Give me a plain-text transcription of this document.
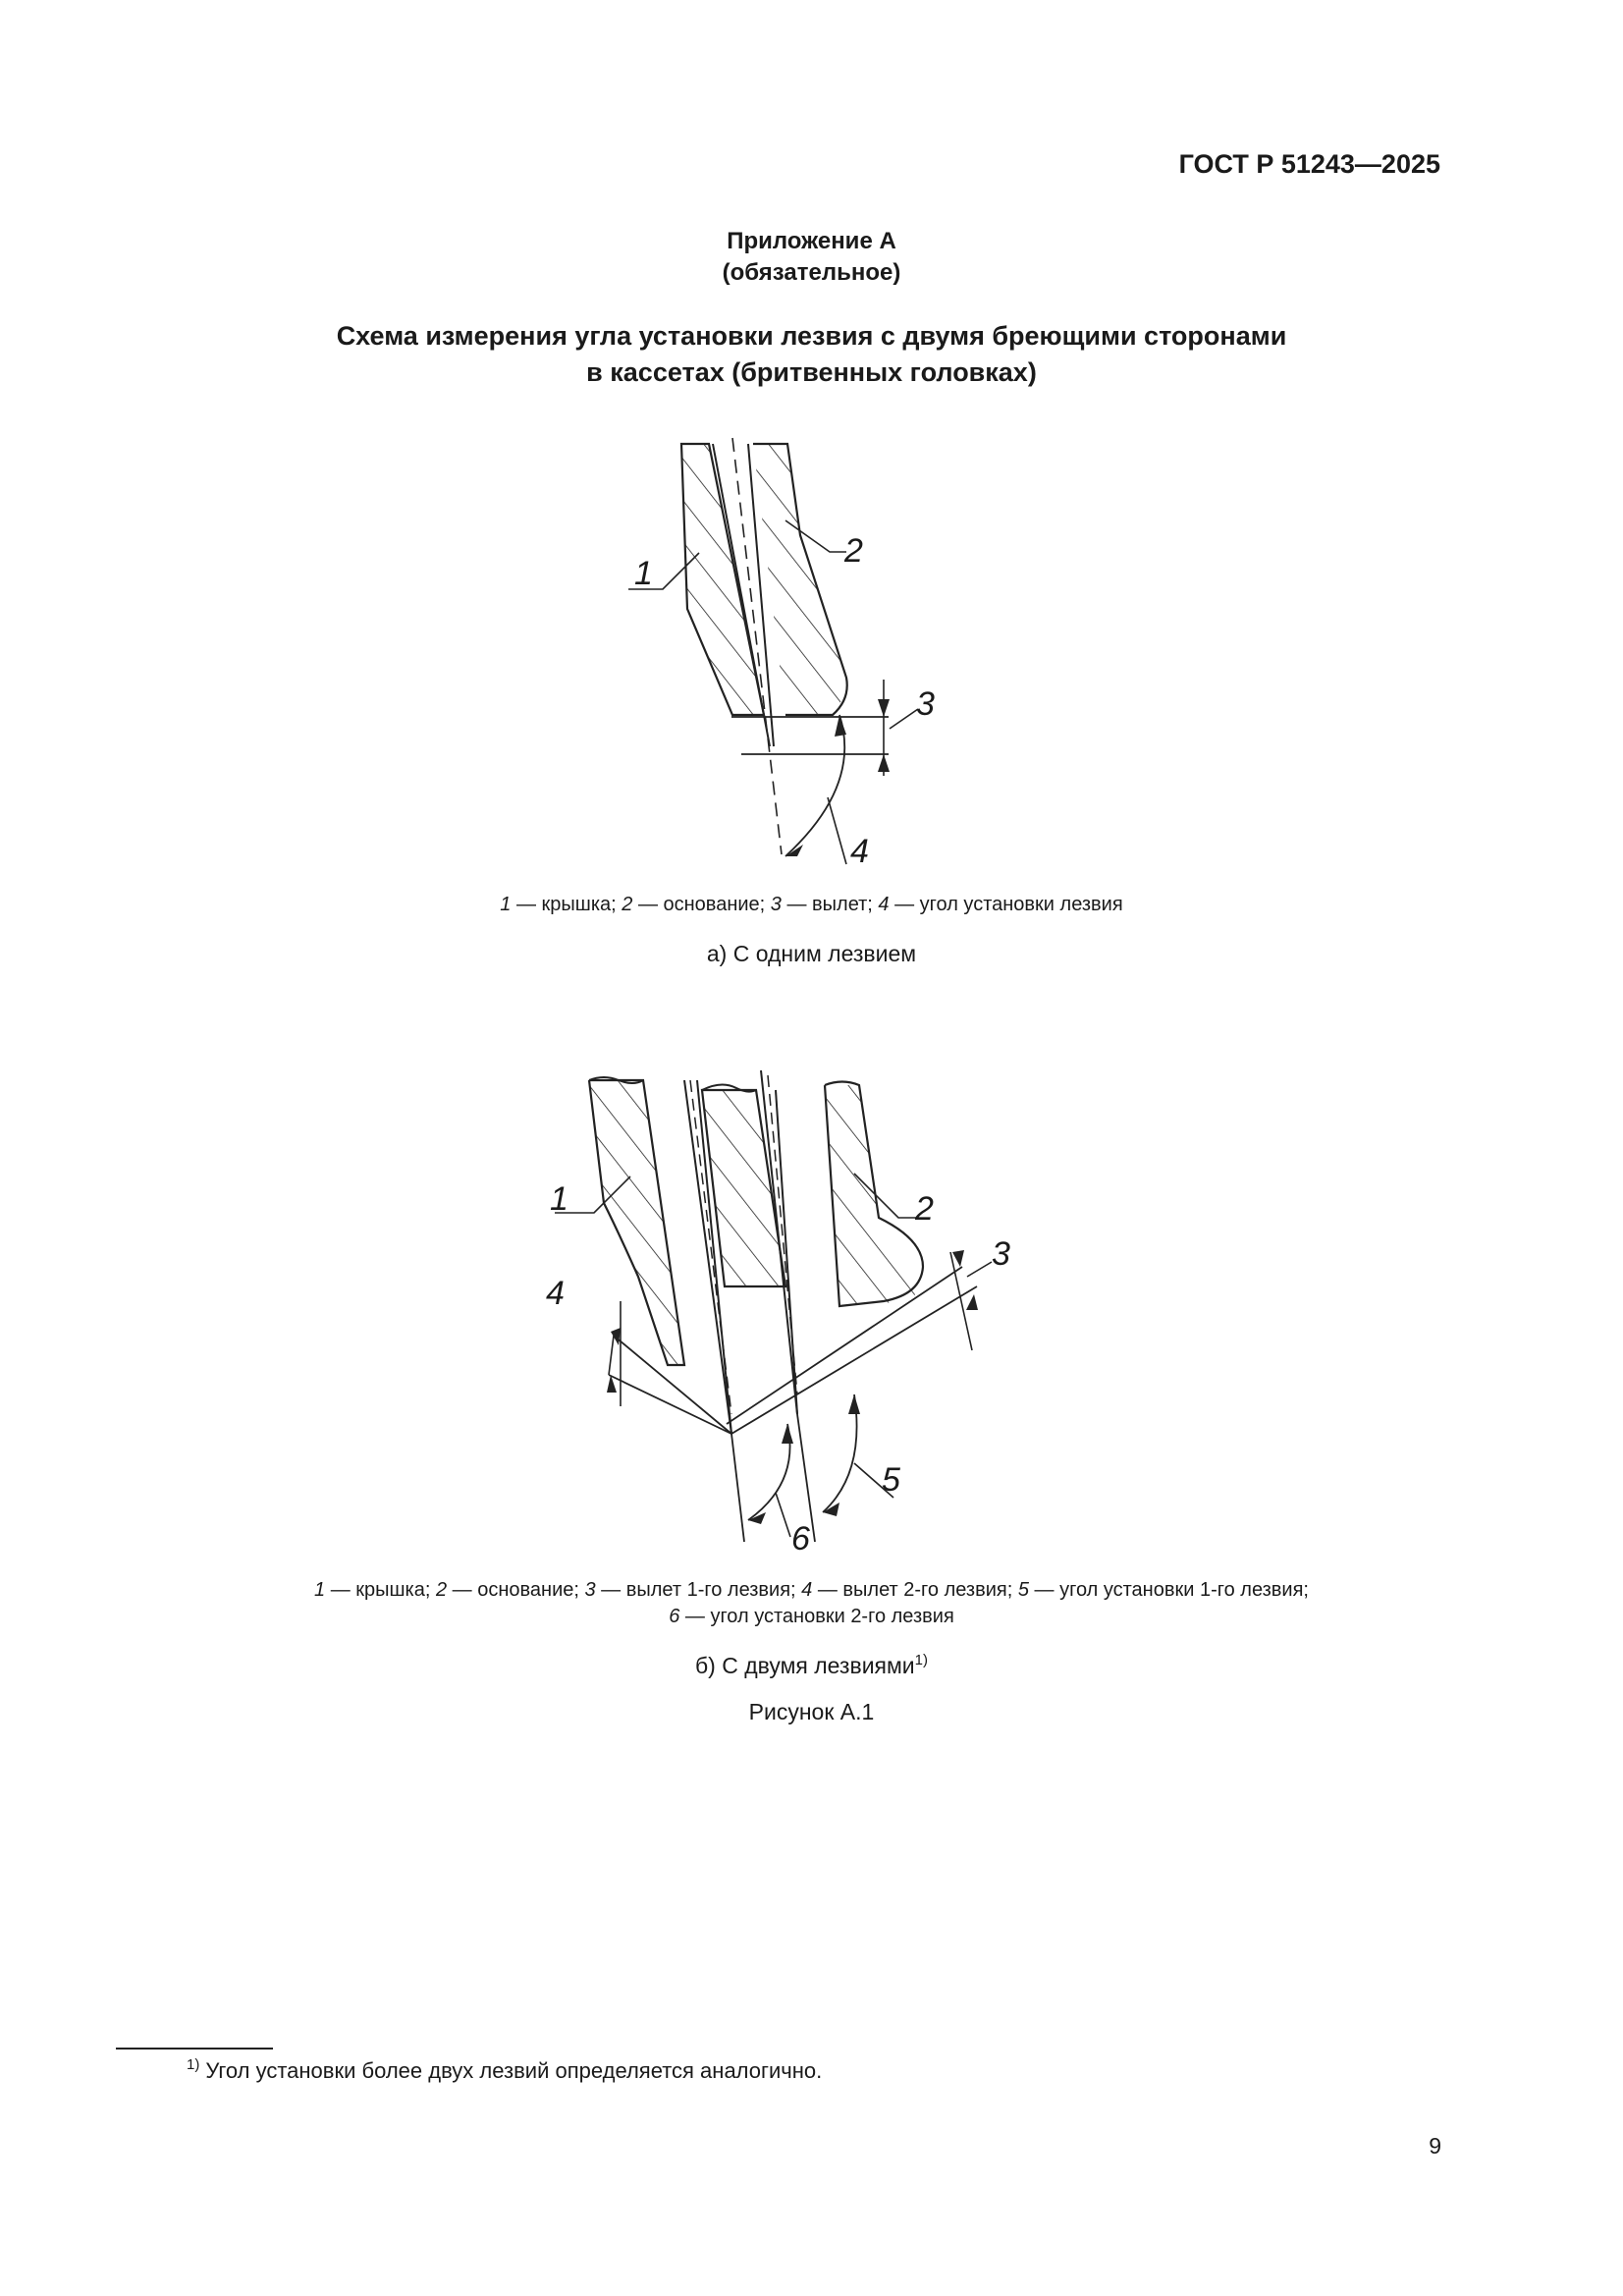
ГОСТ Р 51243—2025
Приложение А
(обязательное)
Схема измерения угла установки лезвия с двумя бреющими сторонами
в кассетах (бритвенных головках)
1
2
3
4
1 — крышка; 2 — основание; 3 — вылет; 4 — угол установки лезвия
а) С одним лезвием
1	2
3
4
5
6
1 — крышка; 2 — основание; 3 — вылет 1-го лезвия; 4 — вылет 2-го лезвия; 5 — угол установки 1-го лезвия;
6 — угол установки 2-го лезвия
б) С двумя лезвиями$^{1)}$
Рисунок А.1
$^{1)}$ Угол установки более двух лезвий определяется аналогично.
9
